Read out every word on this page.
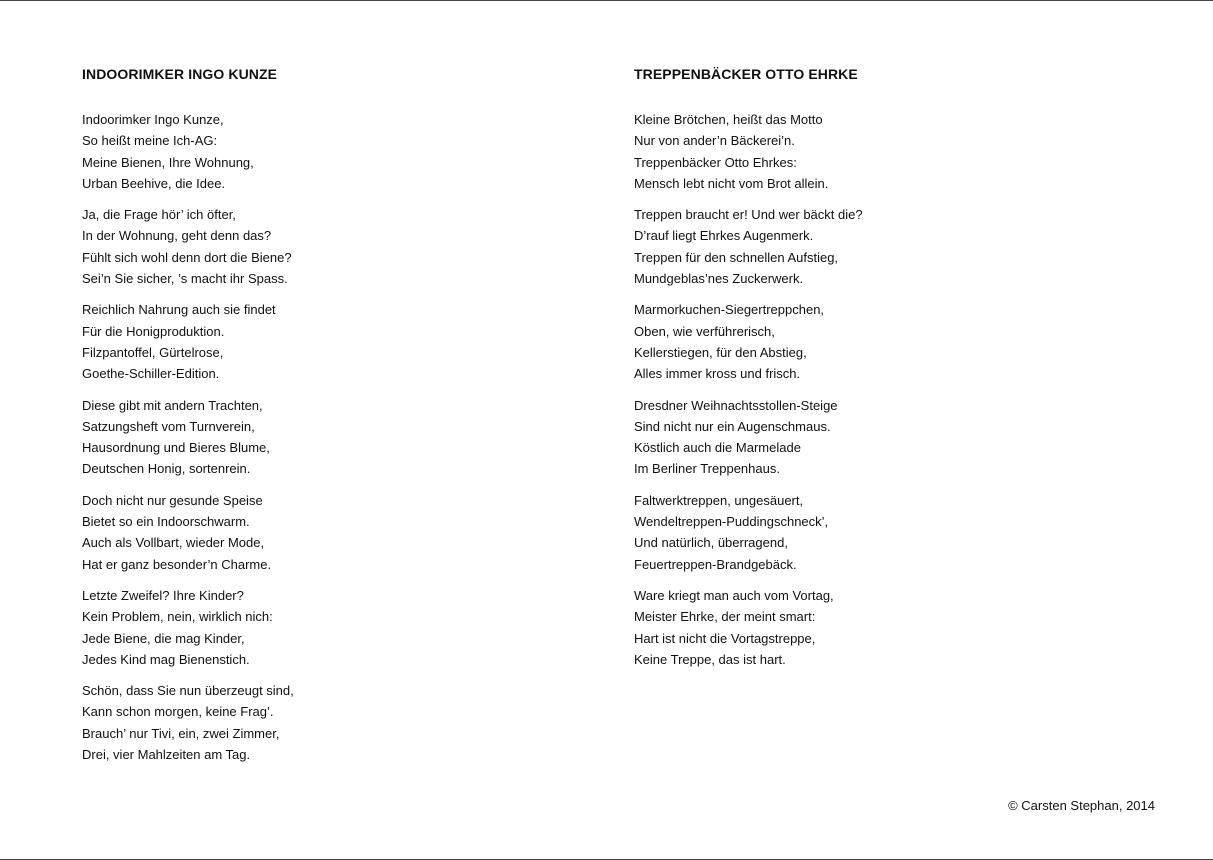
INDOORIMKER INGO KUNZE
Indoorimker Ingo Kunze,
So heißt meine Ich-AG:
Meine Bienen, Ihre Wohnung,
Urban Beehive, die Idee.
Ja, die Frage hör’ ich öfter,
In der Wohnung, geht denn das?
Fühlt sich wohl denn dort die Biene?
Sei’n Sie sicher, ’s macht ihr Spass.
Reichlich Nahrung auch sie findet
Für die Honigproduktion.
Filzpantoffel, Gürtelrose,
Goethe-Schiller-Edition.
Diese gibt mit andern Trachten,
Satzungsheft vom Turnverein,
Hausordnung und Bieres Blume,
Deutschen Honig, sortenrein.
Doch nicht nur gesunde Speise
Bietet so ein Indoorschwarm.
Auch als Vollbart, wieder Mode,
Hat er ganz besonder’n Charme.
Letzte Zweifel? Ihre Kinder?
Kein Problem, nein, wirklich nich:
Jede Biene, die mag Kinder,
Jedes Kind mag Bienenstich.
Schön, dass Sie nun überzeugt sind,
Kann schon morgen, keine Frag’.
Brauch’ nur Tivi, ein, zwei Zimmer,
Drei, vier Mahlzeiten am Tag.
TREPPENBÄCKER OTTO EHRKE
Kleine Brötchen, heißt das Motto
Nur von ander’n Bäckerei’n.
Treppenbäcker Otto Ehrkes:
Mensch lebt nicht vom Brot allein.
Treppen braucht er! Und wer bäckt die?
D’rauf liegt Ehrkes Augenmerk.
Treppen für den schnellen Aufstieg,
Mundgeblas’nes Zuckerwerk.
Marmorkuchen-Siegertreppchen,
Oben, wie verführerisch,
Kellerstiegen, für den Abstieg,
Alles immer kross und frisch.
Dresdner Weihnachtsstollen-Steige
Sind nicht nur ein Augenschmaus.
Köstlich auch die Marmelade
Im Berliner Treppenhaus.
Faltwerktreppen, ungesäuert,
Wendeltreppen-Puddingschneck’,
Und natürlich, überragend,
Feuertreppen-Brandgebäck.
Ware kriegt man auch vom Vortag,
Meister Ehrke, der meint smart:
Hart ist nicht die Vortagstreppe,
Keine Treppe, das ist hart.
© Carsten Stephan, 2014
